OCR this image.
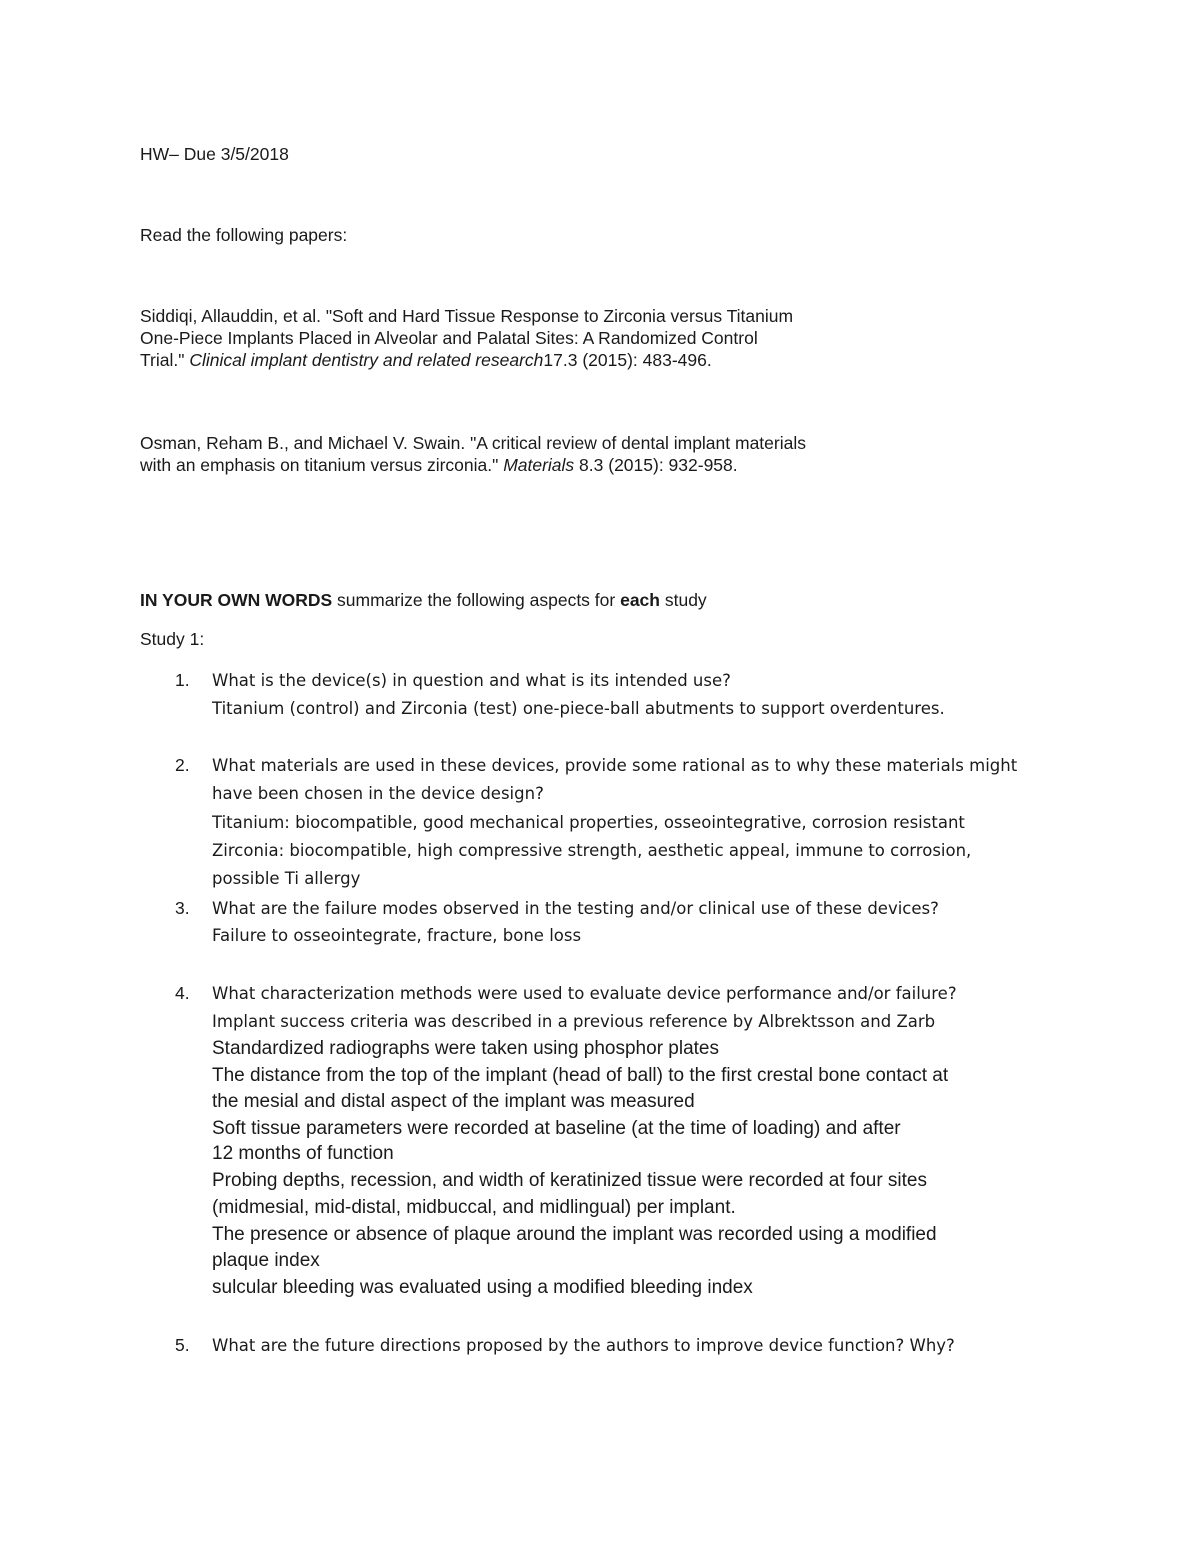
HW– Due 3/5/2018
Read the following papers:
Siddiqi, Allauddin, et al. "Soft and Hard Tissue Response to Zirconia versus Titanium
One-Piece Implants Placed in Alveolar and Palatal Sites: A Randomized Control
Trial." Clinical implant dentistry and related research17.3 (2015): 483-496.
Osman, Reham B., and Michael V. Swain. "A critical review of dental implant materials
with an emphasis on titanium versus zirconia." Materials 8.3 (2015): 932-958.
IN YOUR OWN WORDS summarize the following aspects for each study
Study 1:
1. What is the device(s) in question and what is its intended use?
Titanium (control) and Zirconia (test) one-piece-ball abutments to support overdentures.
2. What materials are used in these devices, provide some rational as to why these materials might
have been chosen in the device design?
Titanium: biocompatible, good mechanical properties, osseointegrative, corrosion resistant
Zirconia: biocompatible, high compressive strength, aesthetic appeal, immune to corrosion,
possible Ti allergy
3. What are the failure modes observed in the testing and/or clinical use of these devices?
Failure to osseointegrate, fracture, bone loss
4. What characterization methods were used to evaluate device performance and/or failure?
Implant success criteria was described in a previous reference by Albrektsson and Zarb
Standardized radiographs were taken using phosphor plates
The distance from the top of the implant (head of ball) to the first crestal bone contact at
the mesial and distal aspect of the implant was measured
Soft tissue parameters were recorded at baseline (at the time of loading) and after
12 months of function
Probing depths, recession, and width of keratinized tissue were recorded at four sites
(midmesial, mid-distal, midbuccal, and midlingual) per implant.
The presence or absence of plaque around the implant was recorded using a modified
plaque index
sulcular bleeding was evaluated using a modified bleeding index
5. What are the future directions proposed by the authors to improve device function? Why?
